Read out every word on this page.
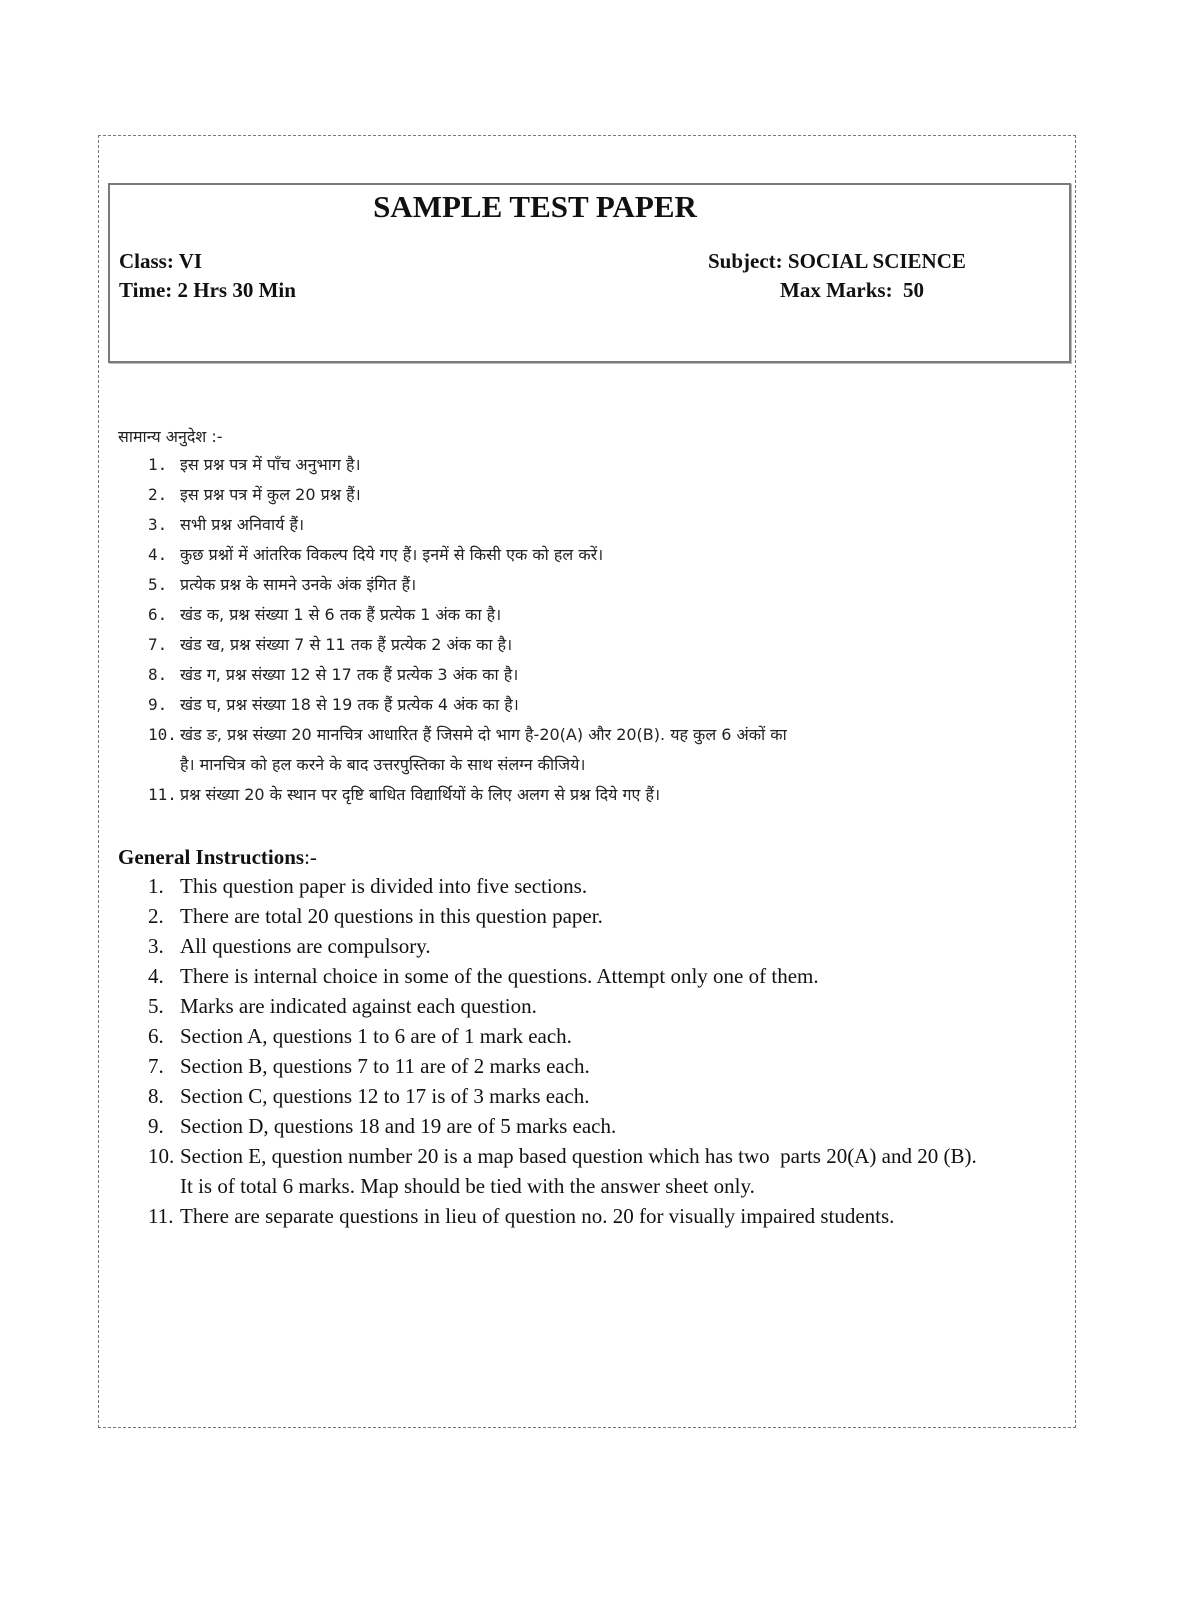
SAMPLE TEST PAPER
Class: VI	Subject: SOCIAL SCIENCE
Time: 2 Hrs 30 Min	Max Marks:  50
सामान्य अनुदेश :-
1. इस प्रश्न पत्र में पाँच अनुभाग है।
2. इस प्रश्न पत्र में कुल 20 प्रश्न हैं।
3. सभी प्रश्न अनिवार्य हैं।
4. कुछ प्रश्नों में आंतरिक विकल्प दिये गए हैं। इनमें से किसी एक को हल करें।
5. प्रत्येक प्रश्न के सामने उनके अंक इंगित हैं।
6. खंड क, प्रश्न संख्या 1 से 6 तक हैं प्रत्येक 1 अंक का है।
7. खंड ख, प्रश्न संख्या 7 से 11 तक हैं प्रत्येक 2 अंक का है।
8. खंड ग, प्रश्न संख्या 12 से 17 तक हैं प्रत्येक 3 अंक का है।
9. खंड घ, प्रश्न संख्या 18 से 19 तक हैं प्रत्येक 4 अंक का है।
10. खंड ङ, प्रश्न संख्या 20 मानचित्र आधारित हैं जिसमे दो भाग है-20(A) और 20(B). यह कुल 6 अंकों का
है। मानचित्र को हल करने के बाद उत्तरपुस्तिका के साथ संलग्न कीजिये।
11. प्रश्न संख्या 20 के स्थान पर दृष्टि बाधित विद्यार्थियों के लिए अलग से प्रश्न दिये गए हैं।
General Instructions:-
1. This question paper is divided into five sections.
2. There are total 20 questions in this question paper.
3. All questions are compulsory.
4. There is internal choice in some of the questions. Attempt only one of them.
5. Marks are indicated against each question.
6. Section A, questions 1 to 6 are of 1 mark each.
7. Section B, questions 7 to 11 are of 2 marks each.
8. Section C, questions 12 to 17 is of 3 marks each.
9. Section D, questions 18 and 19 are of 5 marks each.
10. Section E, question number 20 is a map based question which has two  parts 20(A) and 20 (B).
It is of total 6 marks. Map should be tied with the answer sheet only.
11. There are separate questions in lieu of question no. 20 for visually impaired students.
